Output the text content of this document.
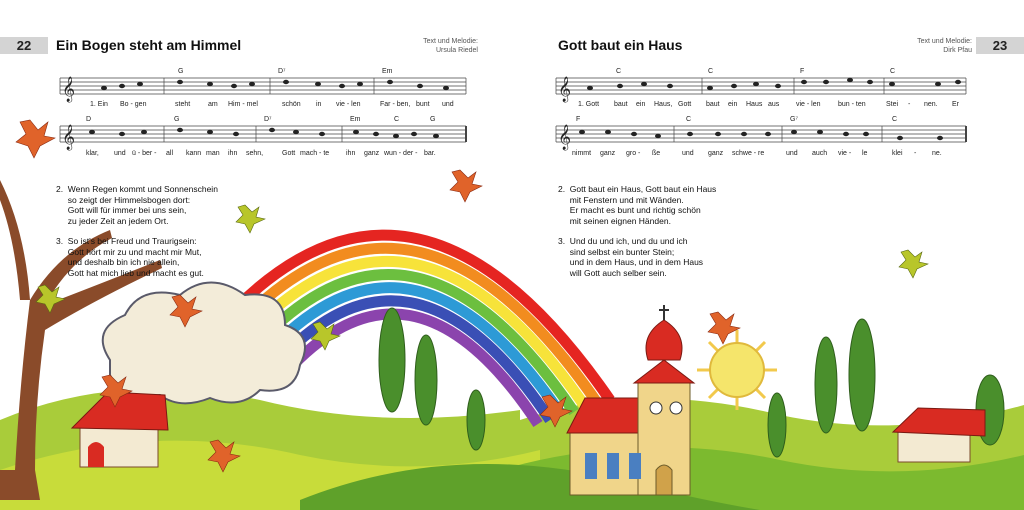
22	Ein Bogen steht am Himmel	Text und Melodie:
Ursula Riedel
𝄞
𝄞
G	D⁷	Em
1. Ein Bo - gen	steht	am Him - mel	schön in vie - len	Far - ben, bunt und
D	G	D⁷	Em	C	G
klar, und ü - ber - all kann man ihn sehn,	Gott mach - te ihn ganz wun - der - bar.
2.  Wenn Regen kommt und Sonnenschein
so zeigt der Himmelsbogen dort:
Gott will für immer bei uns sein,
zu jeder Zeit an jedem Ort.
3.  So ist's bei Freud und Traurigsein:
Gott hört mir zu und macht mir Mut,
und deshalb bin ich nie allein,
Gott hat mich lieb und macht es gut.
23
Gott baut ein Haus	Text und Melodie:
Dirk Pfau
𝄞
𝄞
C	C	F	C
1. Gott baut ein Haus, Gott baut ein Haus aus vie - len bun - ten	Stei - nen. Er
F	C	G⁷	C
nimmt ganz gro - ße	und ganz schwe - re	und auch vie - le	klei - ne.
2.  Gott baut ein Haus, Gott baut ein Haus
mit Fenstern und mit Wänden.
Er macht es bunt und richtig schön
mit seinen eignen Händen.
3.  Und du und ich, und du und ich
sind selbst ein bunter Stein;
und in dem Haus, und in dem Haus
will Gott auch selber sein.
